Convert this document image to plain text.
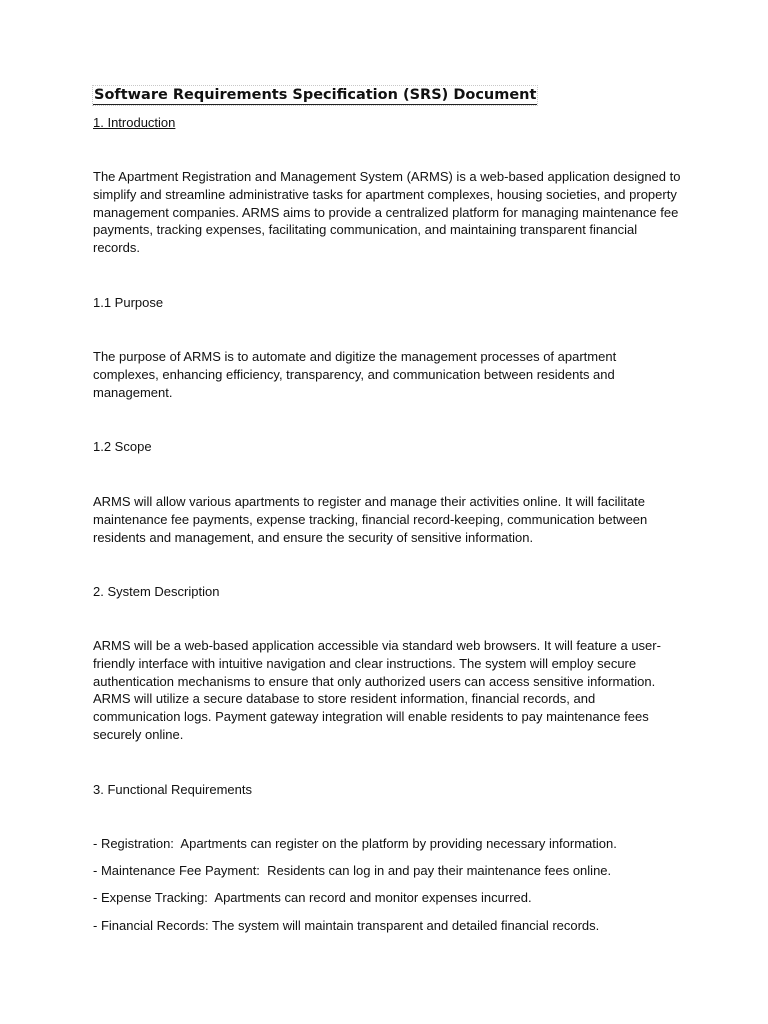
Software Requirements Specification (SRS) Document

1. Introduction

The Apartment Registration and Management System (ARMS) is a web-based application designed to simplify and streamline administrative tasks for apartment complexes, housing societies, and property management companies. ARMS aims to provide a centralized platform for managing maintenance fee payments, tracking expenses, facilitating communication, and maintaining transparent financial records.

1.1 Purpose

The purpose of ARMS is to automate and digitize the management processes of apartment complexes, enhancing efficiency, transparency, and communication between residents and management.

1.2 Scope

ARMS will allow various apartments to register and manage their activities online. It will facilitate maintenance fee payments, expense tracking, financial record-keeping, communication between residents and management, and ensure the security of sensitive information.

2. System Description

ARMS will be a web-based application accessible via standard web browsers. It will feature a user-friendly interface with intuitive navigation and clear instructions. The system will employ secure authentication mechanisms to ensure that only authorized users can access sensitive information. ARMS will utilize a secure database to store resident information, financial records, and communication logs. Payment gateway integration will enable residents to pay maintenance fees securely online.

3. Functional Requirements

- Registration:  Apartments can register on the platform by providing necessary information.

- Maintenance Fee Payment:  Residents can log in and pay their maintenance fees online.

- Expense Tracking:  Apartments can record and monitor expenses incurred.

- Financial Records: The system will maintain transparent and detailed financial records.
